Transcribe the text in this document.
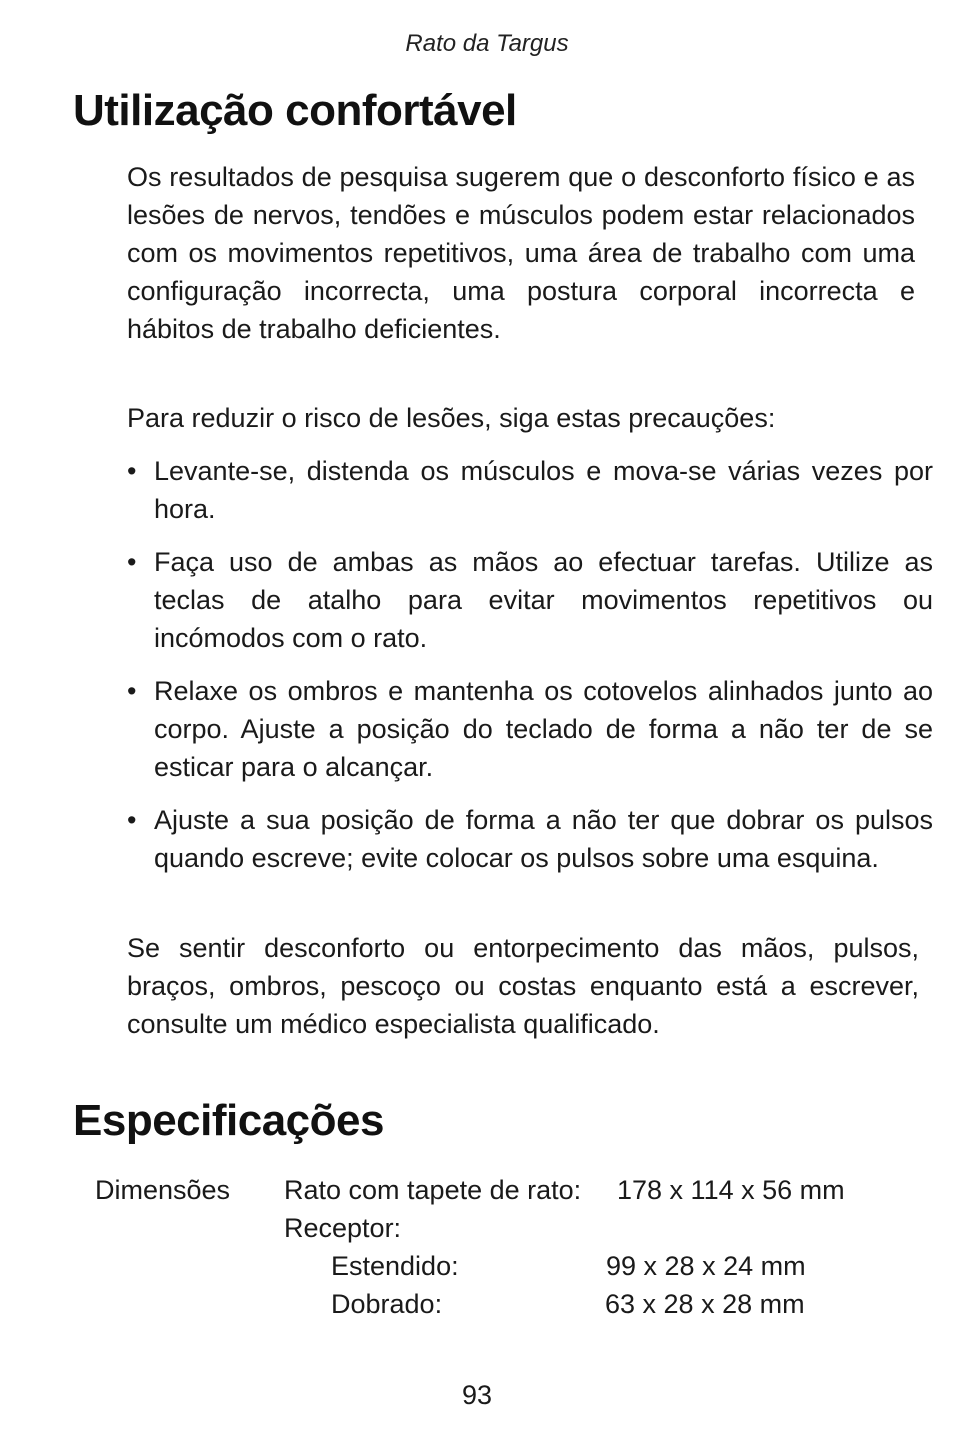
Rato da Targus
Utilização confortável

Os resultados de pesquisa sugerem que o desconforto físico e as lesões de nervos, tendões e músculos podem estar relacionados com os movimentos repetitivos, uma área de trabalho com uma configuração incorrecta, uma postura corporal incorrecta e hábitos de trabalho deficientes.

Para reduzir o risco de lesões, siga estas precauções:

• Levante-se, distenda os músculos e mova-se várias vezes por hora.
• Faça uso de ambas as mãos ao efectuar tarefas. Utilize as teclas de atalho para evitar movimentos repetitivos ou incómodos com o rato.
• Relaxe os ombros e mantenha os cotovelos alinhados junto ao corpo. Ajuste a posição do teclado de forma a não ter de se esticar para o alcançar.
• Ajuste a sua posição de forma a não ter que dobrar os pulsos quando escreve; evite colocar os pulsos sobre uma esquina.

Se sentir desconforto ou entorpecimento das mãos, pulsos, braços, ombros, pescoço ou costas enquanto está a escrever, consulte um médico especialista qualificado.

Especificações
Dimensões Rato com tapete de rato: 178 x 114 x 56 mm
Receptor:
Estendido:	99 x 28 x 24 mm
Dobrado:	63 x 28 x 28 mm
93
